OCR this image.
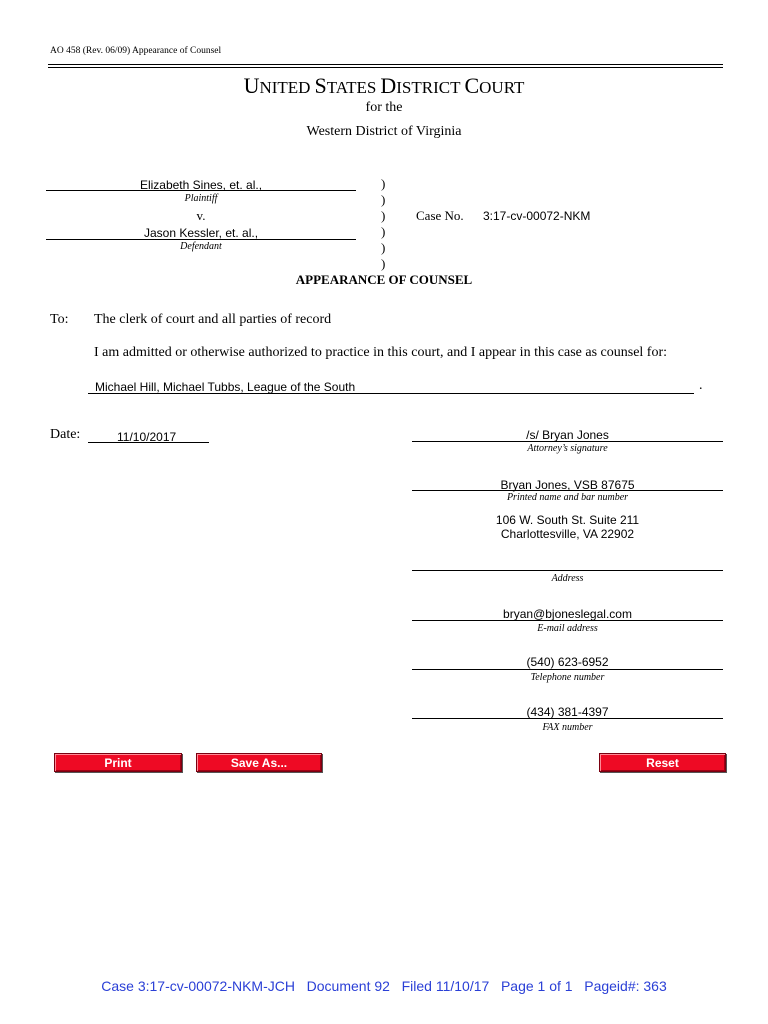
AO 458 (Rev. 06/09) Appearance of Counsel
UNITED STATES DISTRICT COURT
for the
Western District of Virginia
Elizabeth Sines, et. al.,
Plaintiff
v.
Jason Kessler, et. al.,
Defendant
)
)
)
)
)
)
Case No. 3:17-cv-00072-NKM
APPEARANCE OF COUNSEL
To: The clerk of court and all parties of record
I am admitted or otherwise authorized to practice in this court, and I appear in this case as counsel for:
Michael Hill, Michael Tubbs, League of the South	.
Date:	11/10/2017	/s/ Bryan Jones
Attorney’s signature
Bryan Jones, VSB 87675
Printed name and bar number
106 W. South St. Suite 211
Charlottesville, VA 22902
Address
bryan@bjoneslegal.com
E-mail address
(540) 623-6952
Telephone number
(434) 381-4397
FAX number
Print	Save As...	Reset
Case 3:17-cv-00072-NKM-JCH   Document 92   Filed 11/10/17   Page 1 of 1   Pageid#: 363
